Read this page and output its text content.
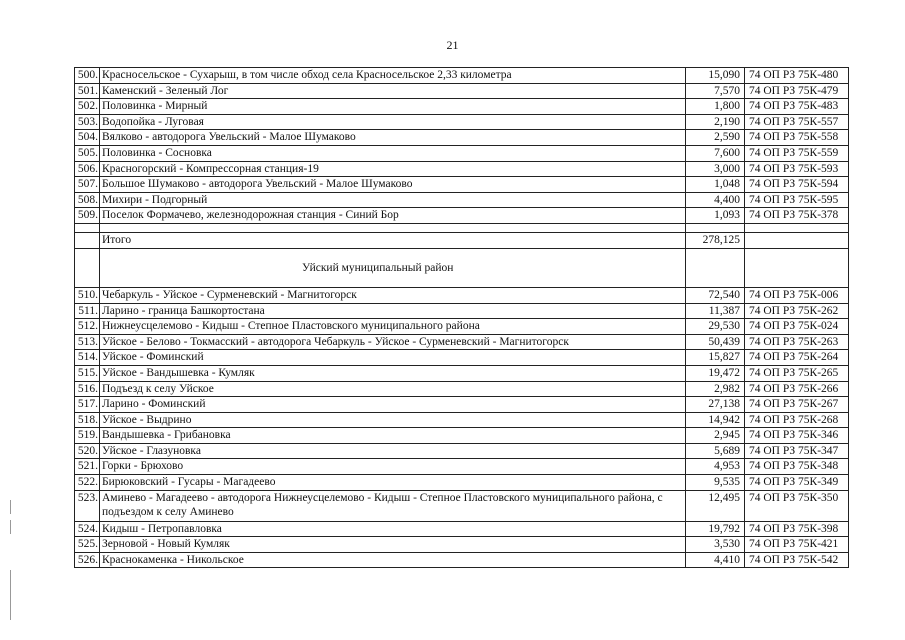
21
500.	Красносельское - Сухарыш, в том числе обход села Красносельское 2,33 километра	15,090	74 ОП РЗ 75К-480
501.	Каменский - Зеленый Лог	7,570	74 ОП РЗ 75К-479
502.	Половинка - Мирный	1,800	74 ОП РЗ 75К-483
503.	Водопойка - Луговая	2,190	74 ОП РЗ 75К-557
504.	Вялково - автодорога Увельский - Малое Шумаково	2,590	74 ОП РЗ 75К-558
505.	Половинка - Сосновка	7,600	74 ОП РЗ 75К-559
506.	Красногорский - Компрессорная станция-19	3,000	74 ОП РЗ 75К-593
507.	Большое Шумаково - автодорога Увельский - Малое Шумаково	1,048	74 ОП РЗ 75К-594
508.	Михири - Подгорный	4,400	74 ОП РЗ 75К-595
509.	Поселок Формачево, железнодорожная станция - Синий Бор	1,093	74 ОП РЗ 75К-378

	Итого	278,125	

	Уйский муниципальный район		

510.	Чебаркуль - Уйское - Сурменевский - Магнитогорск	72,540	74 ОП РЗ 75К-006
511.	Ларино - граница Башкортостана	11,387	74 ОП РЗ 75К-262
512.	Нижнеусцелемово - Кидыш - Степное Пластовского муниципального района	29,530	74 ОП РЗ 75К-024
513.	Уйское - Белово - Токмасский - автодорога Чебаркуль - Уйское - Сурменевский - Магнитогорск	50,439	74 ОП РЗ 75К-263
514.	Уйское - Фоминский	15,827	74 ОП РЗ 75К-264
515.	Уйское - Вандышевка - Кумляк	19,472	74 ОП РЗ 75К-265
516.	Подъезд к селу Уйское	2,982	74 ОП РЗ 75К-266
517.	Ларино - Фоминский	27,138	74 ОП РЗ 75К-267
518.	Уйское - Выдрино	14,942	74 ОП РЗ 75К-268
519.	Вандышевка - Грибановка	2,945	74 ОП РЗ 75К-346
520.	Уйское - Глазуновка	5,689	74 ОП РЗ 75К-347
521.	Горки - Брюхово	4,953	74 ОП РЗ 75К-348
522.	Бирюковский - Гусары - Магадеево	9,535	74 ОП РЗ 75К-349
523.	Аминево - Магадеево - автодорога Нижнеусцелемово - Кидыш - Степное Пластовского муниципального района, с подъездом к селу Аминево	12,495	74 ОП РЗ 75К-350
524.	Кидыш - Петропавловка	19,792	74 ОП РЗ 75К-398
525.	Зерновой - Новый Кумляк	3,530	74 ОП РЗ 75К-421
526.	Краснокаменка - Никольское	4,410	74 ОП РЗ 75К-542
